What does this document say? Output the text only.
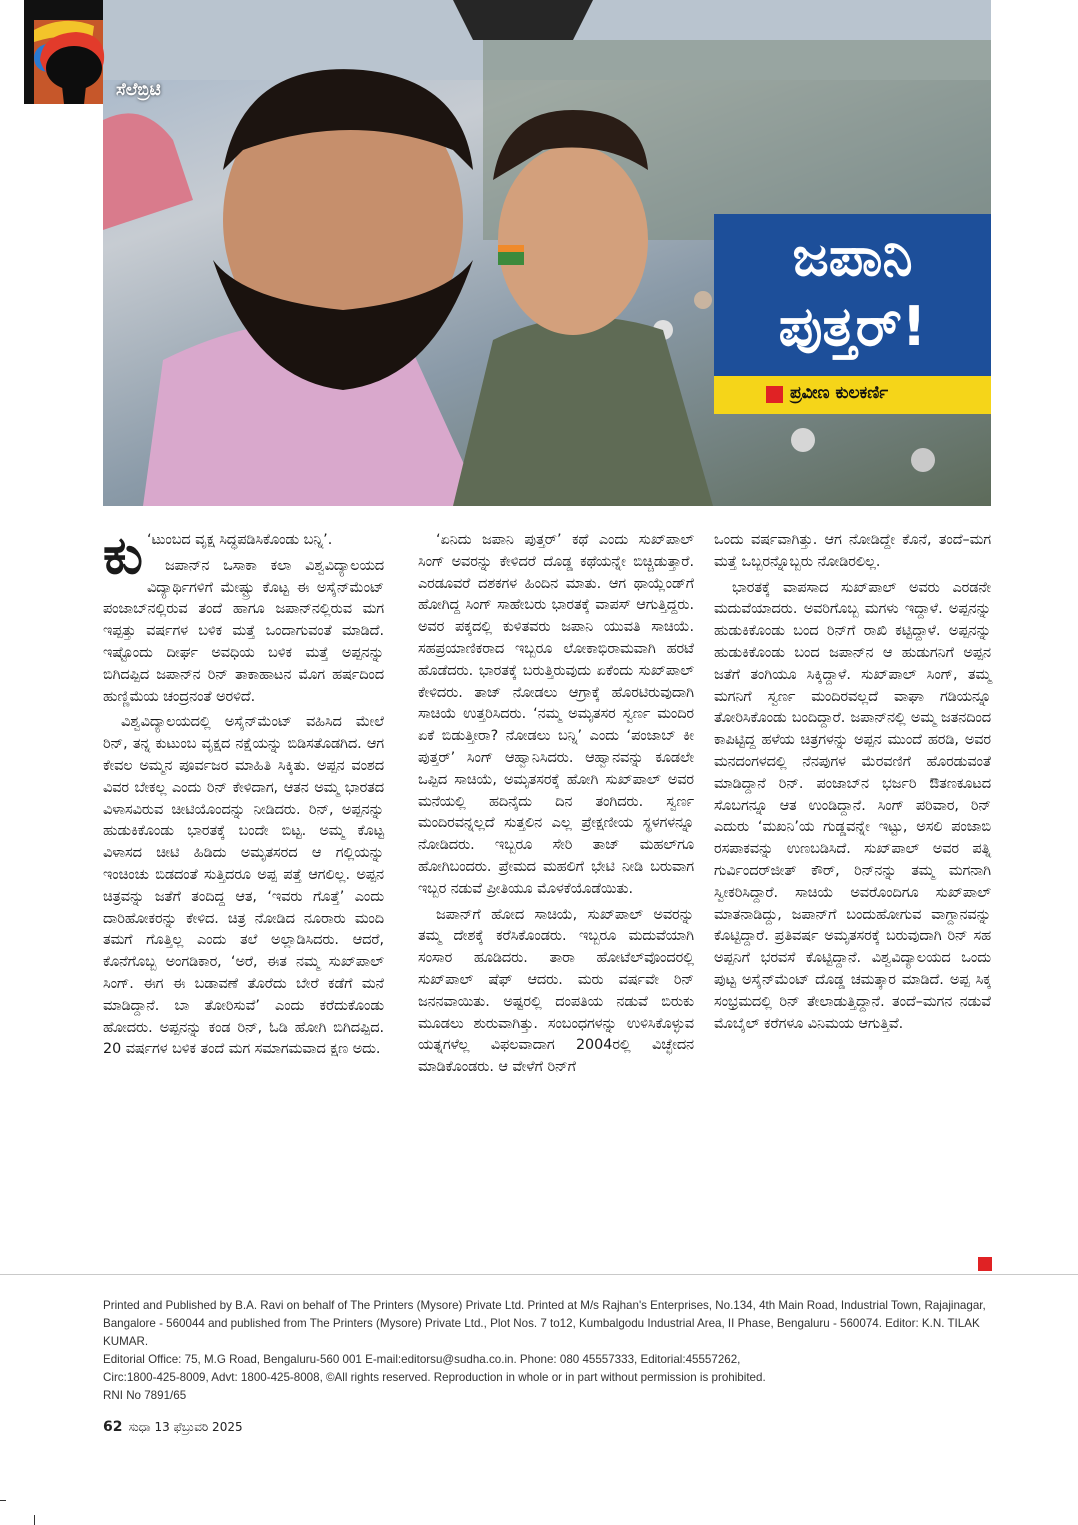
ಸೆಲೆಬ್ರಿಟಿ
ಜಪಾನಿ
ಪುತ್ತರ್!
ಪ್ರವೀಣ ಕುಲಕರ್ಣಿ

ಕು ‘ಟುಂಬದ ವೃಕ್ಷ ಸಿದ್ಧಪಡಿಸಿಕೊಂಡು ಬನ್ನಿ’.

ಜಪಾನ್‌ನ ಒಸಾಕಾ ಕಲಾ ವಿಶ್ವವಿದ್ಯಾಲಯದ ವಿದ್ಯಾರ್ಥಿಗಳಿಗೆ ಮೇಷ್ಟ್ರು ಕೊಟ್ಟ ಈ ಅಸೈನ್‌ಮೆಂಟ್ ಪಂಜಾಬ್‌ನಲ್ಲಿರುವ ತಂದೆ ಹಾಗೂ ಜಪಾನ್‌ನಲ್ಲಿರುವ ಮಗ ಇಪ್ಪತ್ತು ವರ್ಷಗಳ ಬಳಿಕ ಮತ್ತೆ ಒಂದಾಗುವಂತೆ ಮಾಡಿದೆ. ಇಷ್ಟೊಂದು ದೀರ್ಘ ಅವಧಿಯ ಬಳಿಕ ಮತ್ತೆ ಅಪ್ಪನನ್ನು ಬಿಗಿದಪ್ಪಿದ ಜಪಾನ್‌ನ ರಿನ್ ತಾಕಾಹಾಟನ ಮೊಗ ಹರ್ಷದಿಂದ ಹುಣ್ಣಿಮೆಯ ಚಂದ್ರನಂತೆ ಅರಳಿದೆ.

ವಿಶ್ವವಿದ್ಯಾಲಯದಲ್ಲಿ ಅಸೈನ್‌ಮೆಂಟ್ ವಹಿಸಿದ ಮೇಲೆ ರಿನ್, ತನ್ನ ಕುಟುಂಬ ವೃಕ್ಷದ ನಕ್ಷೆಯನ್ನು ಬಿಡಿಸತೊಡಗಿದ. ಆಗ ಕೇವಲ ಅಮ್ಮನ ಪೂರ್ವಜರ ಮಾಹಿತಿ ಸಿಕ್ಕಿತು. ಅಪ್ಪನ ವಂಶದ ವಿವರ ಬೇಕಲ್ಲ ಎಂದು ರಿನ್ ಕೇಳಿದಾಗ, ಆತನ ಅಮ್ಮ ಭಾರತದ ವಿಳಾಸವಿರುವ ಚೀಟಿಯೊಂದನ್ನು ನೀಡಿದರು. ರಿನ್, ಅಪ್ಪನನ್ನು ಹುಡುಕಿಕೊಂಡು ಭಾರತಕ್ಕೆ ಬಂದೇ ಬಿಟ್ಟ. ಅಮ್ಮ ಕೊಟ್ಟ ವಿಳಾಸದ ಚೀಟಿ ಹಿಡಿದು ಅಮೃತಸರದ ಆ ಗಲ್ಲಿಯನ್ನು ಇಂಚಿಂಚು ಬಿಡದಂತೆ ಸುತ್ತಿದರೂ ಅಪ್ಪ ಪತ್ತೆ ಆಗಲಿಲ್ಲ. ಅಪ್ಪನ ಚಿತ್ರವನ್ನು ಜತೆಗೆ ತಂದಿದ್ದ ಆತ, ‘ಇವರು ಗೊತ್ತೆ’ ಎಂದು ದಾರಿಹೋಕರನ್ನು ಕೇಳಿದ. ಚಿತ್ರ ನೋಡಿದ ನೂರಾರು ಮಂದಿ ತಮಗೆ ಗೊತ್ತಿಲ್ಲ ಎಂದು ತಲೆ ಅಲ್ಲಾಡಿಸಿದರು. ಆದರೆ, ಕೊನೆಗೊಬ್ಬ ಅಂಗಡಿಕಾರ, ‘ಅರೆ, ಈತ ನಮ್ಮ ಸುಖ್‌ಪಾಲ್ ಸಿಂಗ್. ಈಗ ಈ ಬಡಾವಣೆ ತೊರೆದು ಬೇರೆ ಕಡೆಗೆ ಮನೆ ಮಾಡಿದ್ದಾನೆ. ಬಾ ತೋರಿಸುವೆ’ ಎಂದು ಕರೆದುಕೊಂಡು ಹೋದರು. ಅಪ್ಪನನ್ನು ಕಂಡ ರಿನ್, ಓಡಿ ಹೋಗಿ ಬಿಗಿದಪ್ಪಿದ. 20 ವರ್ಷಗಳ ಬಳಿಕ ತಂದೆ ಮಗ ಸಮಾಗಮವಾದ ಕ್ಷಣ ಅದು.

‘ಏನಿದು ಜಪಾನಿ ಪುತ್ತರ್’ ಕಥೆ ಎಂದು ಸುಖ್‌ಪಾಲ್ ಸಿಂಗ್ ಅವರನ್ನು ಕೇಳಿದರೆ ದೊಡ್ಡ ಕಥೆಯನ್ನೇ ಬಿಚ್ಚಿಡುತ್ತಾರೆ. ಎರಡೂವರೆ ದಶಕಗಳ ಹಿಂದಿನ ಮಾತು. ಆಗ ಥಾಯ್ಲೆಂಡ್‌ಗೆ ಹೋಗಿದ್ದ ಸಿಂಗ್ ಸಾಹೇಬರು ಭಾರತಕ್ಕೆ ವಾಪಸ್ ಆಗುತ್ತಿದ್ದರು. ಅವರ ಪಕ್ಕದಲ್ಲಿ ಕುಳಿತವರು ಜಪಾನಿ ಯುವತಿ ಸಾಚಿಯೆ. ಸಹಪ್ರಯಾಣಿಕರಾದ ಇಬ್ಬರೂ ಲೋಕಾಭಿರಾಮವಾಗಿ ಹರಟೆ ಹೊಡೆದರು. ಭಾರತಕ್ಕೆ ಬರುತ್ತಿರುವುದು ಏಕೆಂದು ಸುಖ್‌ಪಾಲ್ ಕೇಳಿದರು. ತಾಜ್ ನೋಡಲು ಆಗ್ರಾಕ್ಕೆ ಹೊರಟಿರುವುದಾಗಿ ಸಾಚಿಯೆ ಉತ್ತರಿಸಿದರು. ‘ನಮ್ಮ ಅಮೃತಸರ ಸ್ವರ್ಣ ಮಂದಿರ ಏಕೆ ಬಿಡುತ್ತೀರಾ? ನೋಡಲು ಬನ್ನಿ’ ಎಂದು ‘ಪಂಜಾಬ್ ಕೀ ಪುತ್ತರ್’ ಸಿಂಗ್ ಆಹ್ವಾನಿಸಿದರು. ಆಹ್ವಾನವನ್ನು ಕೂಡಲೇ ಒಪ್ಪಿದ ಸಾಚಿಯೆ, ಅಮೃತಸರಕ್ಕೆ ಹೋಗಿ ಸುಖ್‌ಪಾಲ್ ಅವರ ಮನೆಯಲ್ಲಿ ಹದಿನೈದು ದಿನ ತಂಗಿದರು. ಸ್ವರ್ಣ ಮಂದಿರವನ್ನಲ್ಲದೆ ಸುತ್ತಲಿನ ಎಲ್ಲ ಪ್ರೇಕ್ಷಣೀಯ ಸ್ಥಳಗಳನ್ನೂ ನೋಡಿದರು. ಇಬ್ಬರೂ ಸೇರಿ ತಾಜ್ ಮಹಲ್‌ಗೂ ಹೋಗಿಬಂದರು. ಪ್ರೇಮದ ಮಹಲಿಗೆ ಭೇಟಿ ನೀಡಿ ಬರುವಾಗ ಇಬ್ಬರ ನಡುವೆ ಪ್ರೀತಿಯೂ ಮೊಳಕೆಯೊಡೆಯಿತು.

ಜಪಾನ್‌ಗೆ ಹೋದ ಸಾಚಿಯೆ, ಸುಖ್‌ಪಾಲ್ ಅವರನ್ನು ತಮ್ಮ ದೇಶಕ್ಕೆ ಕರೆಸಿಕೊಂಡರು. ಇಬ್ಬರೂ ಮದುವೆಯಾಗಿ ಸಂಸಾರ ಹೂಡಿದರು. ತಾರಾ ಹೋಟೆಲ್‌ವೊಂದರಲ್ಲಿ ಸುಖ್‌ಪಾಲ್ ಷೆಫ್ ಆದರು. ಮರು ವರ್ಷವೇ ರಿನ್ ಜನನವಾಯಿತು. ಅಷ್ಟರಲ್ಲಿ ದಂಪತಿಯ ನಡುವೆ ಬಿರುಕು ಮೂಡಲು ಶುರುವಾಗಿತ್ತು. ಸಂಬಂಧಗಳನ್ನು ಉಳಿಸಿಕೊಳ್ಳುವ ಯತ್ನಗಳೆಲ್ಲ ವಿಫಲವಾದಾಗ 2004ರಲ್ಲಿ ವಿಚ್ಛೇದನ ಮಾಡಿಕೊಂಡರು. ಆ ವೇಳೆಗೆ ರಿನ್‌ಗೆ

ಒಂದು ವರ್ಷವಾಗಿತ್ತು. ಆಗ ನೋಡಿದ್ದೇ ಕೊನೆ, ತಂದೆ–ಮಗ ಮತ್ತೆ ಒಬ್ಬರನ್ನೊಬ್ಬರು ನೋಡಿರಲಿಲ್ಲ.

ಭಾರತಕ್ಕೆ ವಾಪಸಾದ ಸುಖ್‌ಪಾಲ್ ಅವರು ಎರಡನೇ ಮದುವೆಯಾದರು. ಅವರಿಗೊಬ್ಬ ಮಗಳು ಇದ್ದಾಳೆ. ಅಪ್ಪನನ್ನು ಹುಡುಕಿಕೊಂಡು ಬಂದ ರಿನ್‌ಗೆ ರಾಖಿ ಕಟ್ಟಿದ್ದಾಳೆ. ಅಪ್ಪನನ್ನು ಹುಡುಕಿಕೊಂಡು ಬಂದ ಜಪಾನ್‌ನ ಆ ಹುಡುಗನಿಗೆ ಅಪ್ಪನ ಜತೆಗೆ ತಂಗಿಯೂ ಸಿಕ್ಕಿದ್ದಾಳೆ. ಸುಖ್‌ಪಾಲ್ ಸಿಂಗ್, ತಮ್ಮ ಮಗನಿಗೆ ಸ್ವರ್ಣ ಮಂದಿರವಲ್ಲದೆ ವಾಘಾ ಗಡಿಯನ್ನೂ ತೋರಿಸಿಕೊಂಡು ಬಂದಿದ್ದಾರೆ. ಜಪಾನ್‌ನಲ್ಲಿ ಅಮ್ಮ ಜತನದಿಂದ ಕಾಪಿಟ್ಟಿದ್ದ ಹಳೆಯ ಚಿತ್ರಗಳನ್ನು ಅಪ್ಪನ ಮುಂದೆ ಹರಡಿ, ಅವರ ಮನದಂಗಳದಲ್ಲಿ ನೆನಪುಗಳ ಮೆರವಣಿಗೆ ಹೊರಡುವಂತೆ ಮಾಡಿದ್ದಾನೆ ರಿನ್. ಪಂಜಾಬ್‌ನ ಭರ್ಜರಿ ಔತಣಕೂಟದ ಸೊಬಗನ್ನೂ ಆತ ಉಂಡಿದ್ದಾನೆ. ಸಿಂಗ್ ಪರಿವಾರ, ರಿನ್ ಎದುರು ‘ಮಖನಿ’ಯ ಗುಡ್ಡವನ್ನೇ ಇಟ್ಟು, ಅಸಲಿ ಪಂಜಾಬಿ ರಸಪಾಕವನ್ನು ಉಣಬಡಿಸಿದೆ. ಸುಖ್‌ಪಾಲ್ ಅವರ ಪತ್ನಿ ಗುರ್ವಿಂದರ್‌ಜೀತ್ ಕೌರ್, ರಿನ್‌ನನ್ನು ತಮ್ಮ ಮಗನಾಗಿ ಸ್ವೀಕರಿಸಿದ್ದಾರೆ. ಸಾಚಿಯೆ ಅವರೊಂದಿಗೂ ಸುಖ್‌ಪಾಲ್ ಮಾತನಾಡಿದ್ದು, ಜಪಾನ್‌ಗೆ ಬಂದುಹೋಗುವ ವಾಗ್ದಾನವನ್ನು ಕೊಟ್ಟಿದ್ದಾರೆ. ಪ್ರತಿವರ್ಷ ಅಮೃತಸರಕ್ಕೆ ಬರುವುದಾಗಿ ರಿನ್ ಸಹ ಅಪ್ಪನಿಗೆ ಭರವಸೆ ಕೊಟ್ಟಿದ್ದಾನೆ. ವಿಶ್ವವಿದ್ಯಾಲಯದ ಒಂದು ಪುಟ್ಟ ಅಸೈನ್‌ಮೆಂಟ್ ದೊಡ್ಡ ಚಮತ್ಕಾರ ಮಾಡಿದೆ. ಅಪ್ಪ ಸಿಕ್ಕ ಸಂಭ್ರಮದಲ್ಲಿ ರಿನ್ ತೇಲಾಡುತ್ತಿದ್ದಾನೆ. ತಂದೆ–ಮಗನ ನಡುವೆ ಮೊಬೈಲ್ ಕರೆಗಳೂ ವಿನಿಮಯ ಆಗುತ್ತಿವೆ.

Printed and Published by B.A. Ravi on behalf of The Printers (Mysore) Private Ltd. Printed at M/s Rajhan's Enterprises, No.134, 4th Main Road, Industrial Town, Rajajinagar, Bangalore - 560044 and published from The Printers (Mysore) Private Ltd., Plot Nos. 7 to12, Kumbalgodu Industrial Area, II Phase, Bengaluru - 560074. Editor: K.N. TILAK KUMAR.
Editorial Office: 75, M.G Road, Bengaluru-560 001 E-mail:editorsu@sudha.co.in. Phone: 080 45557333, Editorial:45557262,
Circ:1800-425-8009, Advt: 1800-425-8008, ©All rights reserved. Reproduction in whole or in part without permission is prohibited.
RNI No 7891/65
62 ಸುಧಾ 13 ಫೆಬ್ರುವರಿ 2025
